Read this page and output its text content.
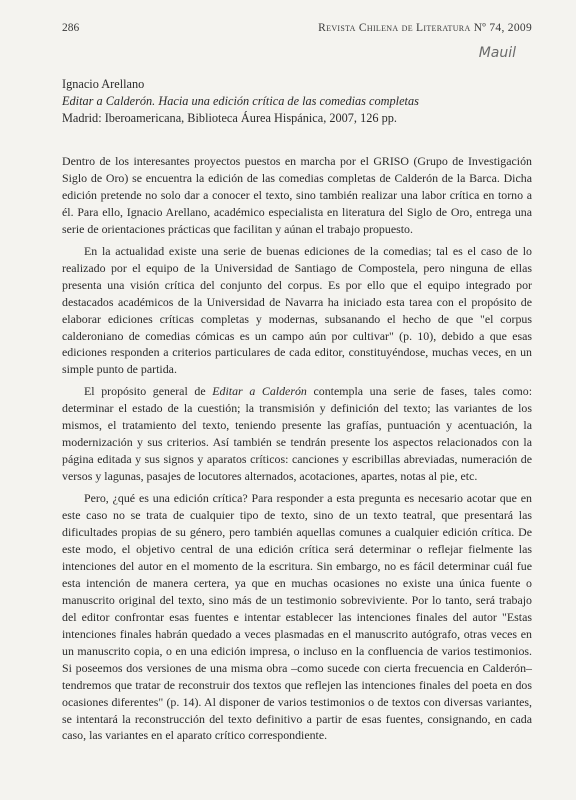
286	Revista Chilena de Literatura Nº 74, 2009
Mauil
Ignacio Arellano
Editar a Calderón. Hacia una edición crítica de las comedias completas
Madrid: Iberoamericana, Biblioteca Áurea Hispánica, 2007, 126 pp.

Dentro de los interesantes proyectos puestos en marcha por el GRISO (Grupo de Investigación Siglo de Oro) se encuentra la edición de las comedias completas de Calderón de la Barca. Dicha edición pretende no solo dar a conocer el texto, sino también realizar una labor crítica en torno a él. Para ello, Ignacio Arellano, académico especialista en literatura del Siglo de Oro, entrega una serie de orientaciones prácticas que facilitan y aúnan el trabajo propuesto.

En la actualidad existe una serie de buenas ediciones de la comedias; tal es el caso de lo realizado por el equipo de la Universidad de Santiago de Compostela, pero ninguna de ellas presenta una visión crítica del conjunto del corpus. Es por ello que el equipo integrado por destacados académicos de la Universidad de Navarra ha iniciado esta tarea con el propósito de elaborar ediciones críticas completas y modernas, subsanando el hecho de que "el corpus calderoniano de comedias cómicas es un campo aún por cultivar" (p. 10), debido a que esas ediciones responden a criterios particulares de cada editor, constituyéndose, muchas veces, en un simple punto de partida.

El propósito general de Editar a Calderón contempla una serie de fases, tales como: determinar el estado de la cuestión; la transmisión y definición del texto; las variantes de los mismos, el tratamiento del texto, teniendo presente las grafías, puntuación y acentuación, la modernización y sus criterios. Así también se tendrán presente los aspectos relacionados con la página editada y sus signos y aparatos críticos: canciones y escribillas abreviadas, numeración de versos y lagunas, pasajes de locutores alternados, acotaciones, apartes, notas al pie, etc.

Pero, ¿qué es una edición crítica? Para responder a esta pregunta es necesario acotar que en este caso no se trata de cualquier tipo de texto, sino de un texto teatral, que presentará las dificultades propias de su género, pero también aquellas comunes a cualquier edición crítica. De este modo, el objetivo central de una edición crítica será determinar o reflejar fielmente las intenciones del autor en el momento de la escritura. Sin embargo, no es fácil determinar cuál fue esta intención de manera certera, ya que en muchas ocasiones no existe una única fuente o manuscrito original del texto, sino más de un testimonio sobreviviente. Por lo tanto, será trabajo del editor confrontar esas fuentes e intentar establecer las intenciones finales del autor "Estas intenciones finales habrán quedado a veces plasmadas en el manuscrito autógrafo, otras veces en un manuscrito copia, o en una edición impresa, o incluso en la confluencia de varios testimonios. Si poseemos dos versiones de una misma obra –como sucede con cierta frecuencia en Calderón– tendremos que tratar de reconstruir dos textos que reflejen las intenciones finales del poeta en dos ocasiones diferentes" (p. 14). Al disponer de varios testimonios o de textos con diversas variantes, se intentará la reconstrucción del texto definitivo a partir de esas fuentes, consignando, en cada caso, las variantes en el aparato crítico correspondiente.
